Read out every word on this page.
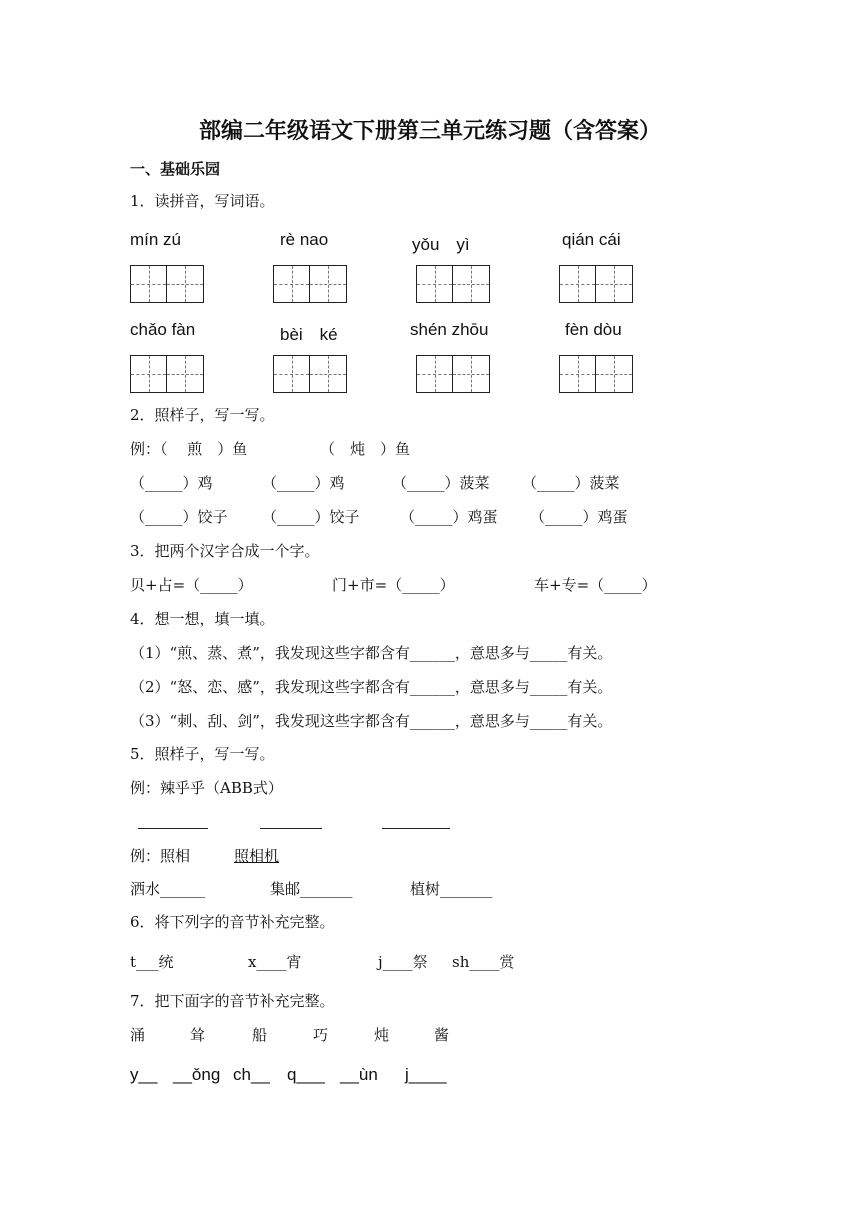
部编二年级语文下册第三单元练习题（含答案）
一、基础乐园
1．读拼音，写词语。
mín zú	rè nao	yǒu　yì	qián cái
chǎo fàn	bèi　ké	shén zhōu	fèn dòu
2．照样子，写一写。
例：（　 煎　）鱼	（　炖　）鱼
（_____）鸡	（_____）鸡	（_____）菠菜 （_____）菠菜
（_____）饺子 （_____）饺子	（_____）鸡蛋 （_____）鸡蛋
3．把两个汉字合成一个字。
贝+占=（_____）	门+市=（_____）	车+专=（_____）
4．想一想，填一填。
（1）“煎、蒸、煮”，我发现这些字都含有______，意思多与_____有关。
（2）“怒、恋、感”，我发现这些字都含有______，意思多与_____有关。
（3）“刺、刮、剑”，我发现这些字都含有______，意思多与_____有关。
5．照样子，写一写。
例：辣乎乎（ABB式）
例：照相	照相机
洒水______	集邮_______	植树_______
6．将下列字的音节补充完整。
t___统	x____宵	j____祭 sh____赏
7．把下面字的音节补充完整。
涌	耸	船	巧	炖	酱
y__ __ǒng ch__ q___ __ùn j____
